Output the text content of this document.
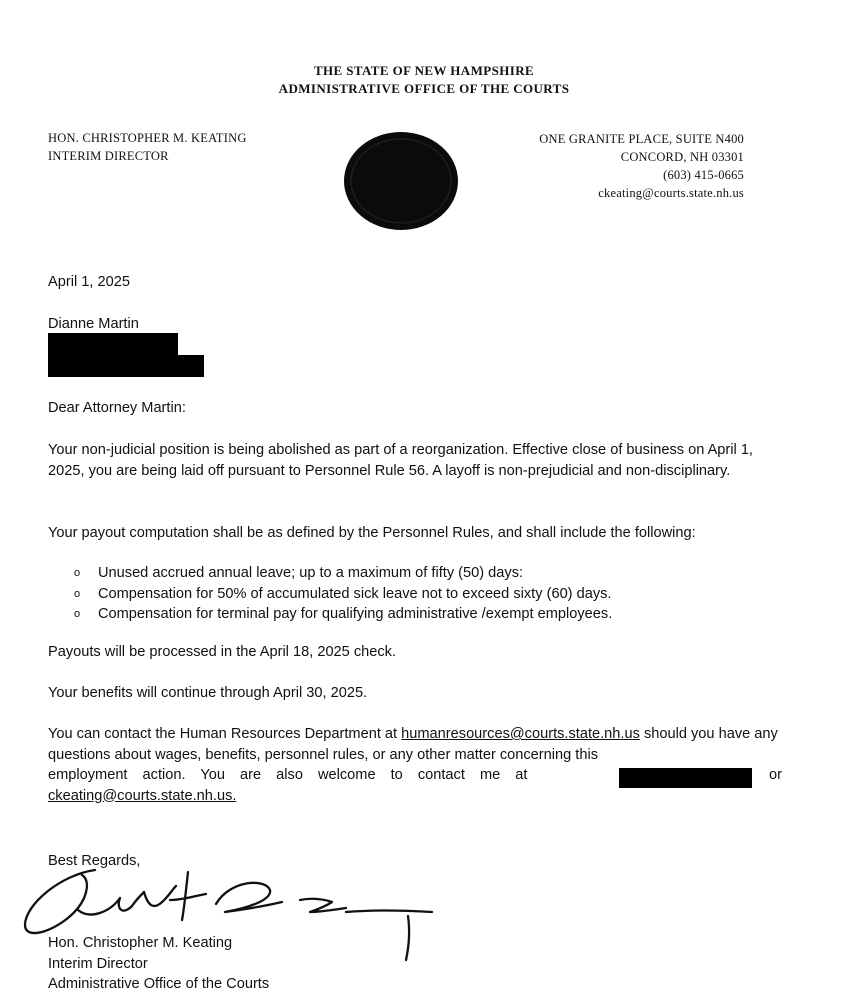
THE STATE OF NEW HAMPSHIRE
ADMINISTRATIVE OFFICE OF THE COURTS
HON. CHRISTOPHER M. KEATING
INTERIM DIRECTOR
ONE GRANITE PLACE, SUITE N400
CONCORD, NH 03301
(603) 415-0665
ckeating@courts.state.nh.us
April 1, 2025
Dianne Martin
Dear Attorney Martin:
Your non-judicial position is being abolished as part of a reorganization. Effective close of business on April 1, 2025, you are being laid off pursuant to Personnel Rule 56. A layoff is non-prejudicial and non-disciplinary.
Your payout computation shall be as defined by the Personnel Rules, and shall include the following:
o Unused accrued annual leave; up to a maximum of fifty (50) days:
o Compensation for 50% of accumulated sick leave not to exceed sixty (60) days.
o Compensation for terminal pay for qualifying administrative /exempt employees.
Payouts will be processed in the April 18, 2025 check.
Your benefits will continue through April 30, 2025.
You can contact the Human Resources Department at humanresources@courts.state.nh.us should you have any questions about wages, benefits, personnel rules, or any other matter concerning this
employment action. You are also welcome to contact me at	or
ckeating@courts.state.nh.us.
Best Regards,
Hon. Christopher M. Keating
Interim Director
Administrative Office of the Courts
